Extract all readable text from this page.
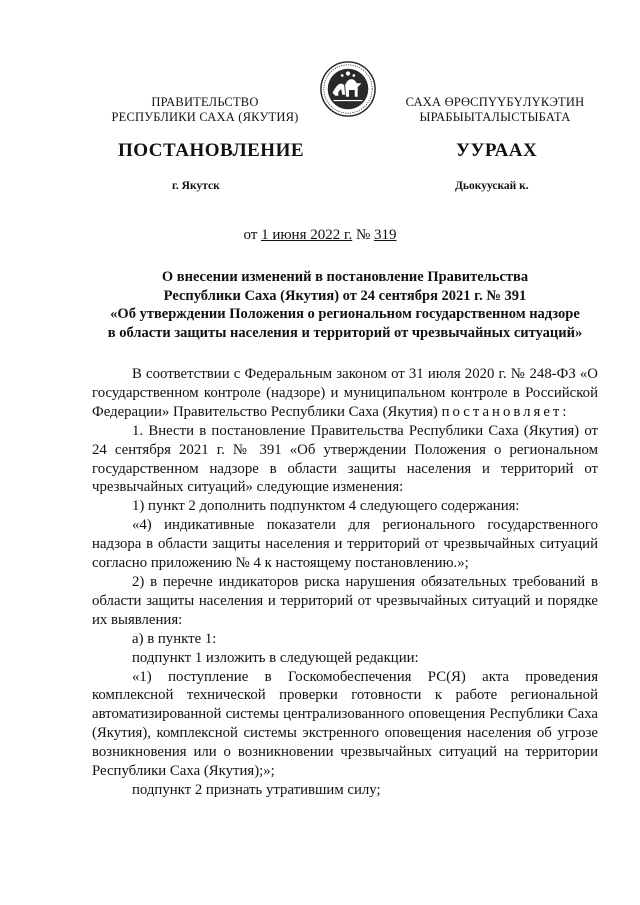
ПРАВИТЕЛЬСТВО
РЕСПУБЛИКИ САХА (ЯКУТИЯ)
САХА ӨРӨСПҮҮБҮЛҮКЭТИН
ЫРАБЫЫТАЛЫСТЫБАТА
ПОСТАНОВЛЕНИЕ	УУРААХ
г. Якутск	Дьокуускай к.
от 1 июня 2022 г. № 319
О внесении изменений в постановление Правительства
Республики Саха (Якутия) от 24 сентября 2021 г. № 391
«Об утверждении Положения о региональном государственном надзоре
в области защиты населения и территорий от чрезвычайных ситуаций»

В соответствии с Федеральным законом от 31 июля 2020 г. № 248-ФЗ «О государственном контроле (надзоре) и муниципальном контроле в Российской Федерации» Правительство Республики Саха (Якутия) постановляет:

1. Внести в постановление Правительства Республики Саха (Якутия) от 24 сентября 2021 г. № 391 «Об утверждении Положения о региональном государственном надзоре в области защиты населения и территорий от чрезвычайных ситуаций» следующие изменения:

1) пункт 2 дополнить подпунктом 4 следующего содержания:

«4) индикативные показатели для регионального государственного надзора в области защиты населения и территорий от чрезвычайных ситуаций согласно приложению № 4 к настоящему постановлению.»;

2) в перечне индикаторов риска нарушения обязательных требований в области защиты населения и территорий от чрезвычайных ситуаций и порядке их выявления:

а) в пункте 1:

подпункт 1 изложить в следующей редакции:

«1) поступление в Госкомобеспечения РС(Я) акта проведения комплексной технической проверки готовности к работе региональной автоматизированной системы централизованного оповещения Республики Саха (Якутия), комплексной системы экстренного оповещения населения об угрозе возникновения или о возникновении чрезвычайных ситуаций на территории Республики Саха (Якутия);»;

подпункт 2 признать утратившим силу;
